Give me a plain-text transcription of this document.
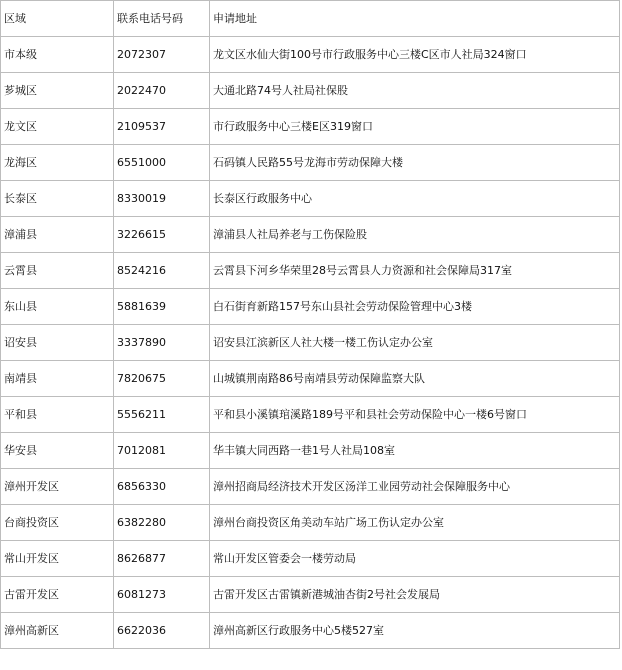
区域	联系电话号码	申请地址
市本级	2072307	龙文区水仙大街100号市行政服务中心三楼C区市人社局324窗口
芗城区	2022470	大通北路74号人社局社保股
龙文区	2109537	市行政服务中心三楼E区319窗口
龙海区	6551000	石码镇人民路55号龙海市劳动保障大楼
长泰区	8330019	长泰区行政服务中心
漳浦县	3226615	漳浦县人社局养老与工伤保险股
云霄县	8524216	云霄县下河乡华荣里28号云霄县人力资源和社会保障局317室
东山县	5881639	白石街育新路157号东山县社会劳动保险管理中心3楼
诏安县	3337890	诏安县江滨新区人社大楼一楼工伤认定办公室
南靖县	7820675	山城镇荆南路86号南靖县劳动保障监察大队
平和县	5556211	平和县小溪镇琯溪路189号平和县社会劳动保险中心一楼6号窗口
华安县	7012081	华丰镇大同西路一巷1号人社局108室
漳州开发区	6856330	漳州招商局经济技术开发区汤洋工业园劳动社会保障服务中心
台商投资区	6382280	漳州台商投资区角美动车站广场工伤认定办公室
常山开发区	8626877	常山开发区管委会一楼劳动局
古雷开发区	6081273	古雷开发区古雷镇新港城油杏街2号社会发展局
漳州高新区	6622036	漳州高新区行政服务中心5楼527室
